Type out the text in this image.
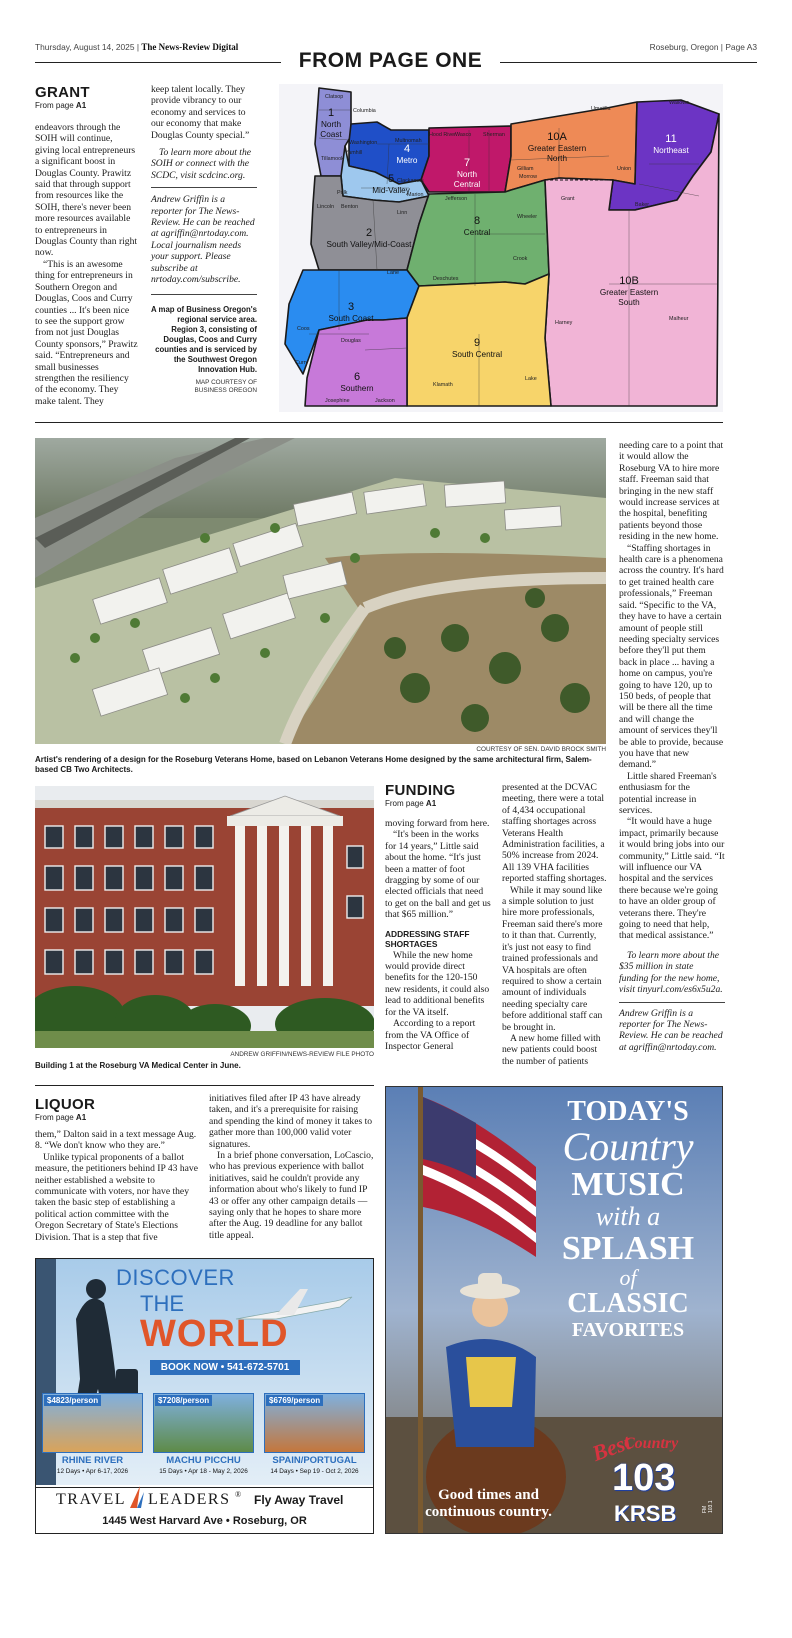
Thursday, August 14, 2025 | The News-Review Digital	Roseburg, Oregon | Page A3
FROM PAGE ONE
GRANT
From page A1

endeavors through the SOIH will continue, giving local entrepreneurs a significant boost in Douglas County. Prawitz said that through support from resources like the SOIH, there's never been more resources available to entrepreneurs in Douglas County than right now.

“This is an awesome thing for entrepreneurs in Southern Oregon and Douglas, Coos and Curry counties ... It's been nice to see the support grow from not just Douglas County sponsors,” Prawitz said. “Entrepreneurs and small businesses strengthen the resiliency of the economy. They make talent. They

keep talent locally. They provide vibrancy to our economy and services to our economy that make Douglas County special.”

To learn more about the SOIH or connect with the SCDC, visit scdcinc.org.

Andrew Griffin is a reporter for The News-Review. He can be reached at agriffin@nrtoday.com. Local journalism needs your support. Please subscribe at nrtoday.com/subscribe.

A map of Business Oregon's regional service area. Region 3, consisting of Douglas, Coos and Curry counties and is serviced by the Southwest Oregon Innovation Hub.
MAP COURTESY OF
BUSINESS OREGON
1
North
Coast
4
Metro
5
Mid-Valley
7
North
Central
10A
Greater Eastern
North
11
Northeast
2
South Valley/Mid-Coast
8
Central
10B
Greater Eastern
South
3
South Coast
9
South Central
6
Southern
Clatsop
Columbia
Tillamook
Washington	Multnomah
Yamhill
Polk	Marion
Clackamas
Lincoln Benton
Linn
Lane
Hood River Wasco Sherman
Gilliam
Morrow
Umatilla
Wallowa
Union
Baker
Grant
Wheeler
Jefferson
Crook
Deschutes
Harney
Malheur
Klamath
Lake
Coos
Douglas
Curry
Josephine	Jackson
COURTESY OF SEN. DAVID BROCK SMITH
Artist's rendering of a design for the Roseburg Veterans Home, based on Lebanon Veterans Home designed by the same architectural firm, Salem-based CB Two Architects.
ANDREW GRIFFIN/NEWS-REVIEW FILE PHOTO
Building 1 at the Roseburg VA Medical Center in June.
FUNDING
From page A1

moving forward from here.

“It's been in the works for 14 years,” Little said about the home. “It's just been a matter of foot dragging by some of our elected officials that need to get on the ball and get us that $65 million.”

ADDRESSING STAFF SHORTAGES

While the new home would provide direct benefits for the 120-150 new residents, it could also lead to additional benefits for the VA itself.

According to a report from the VA Office of Inspector General

presented at the DCVAC meeting, there were a total of 4,434 occupational staffing shortages across Veterans Health Administration facilities, a 50% increase from 2024. All 139 VHA facilities reported staffing shortages.

While it may sound like a simple solution to just hire more professionals, Freeman said there's more to it than that. Currently, it's just not easy to find trained professionals and VA hospitals are often required to show a certain amount of individuals needing specialty care before additional staff can be brought in.

A new home filled with new patients could boost the number of patients

needing care to a point that it would allow the Roseburg VA to hire more staff. Freeman said that bringing in the new staff would increase services at the hospital, benefiting patients beyond those residing in the new home.

“Staffing shortages in health care is a phenomena across the country. It's hard to get trained health care professionals,” Freeman said. “Specific to the VA, they have to have a certain amount of people still needing specialty services before they'll put them back in place ... having a home on campus, you're going to have 120, up to 150 beds, of people that will be there all the time and will change the amount of services they'll be able to provide, because you have that new demand.”

Little shared Freeman's enthusiasm for the potential increase in services.

“It would have a huge impact, primarily because it would bring jobs into our community,” Little said. “It will influence our VA hospital and the services there because we're going to have an older group of veterans there. They're going to need that help, that medical assistance.”

To learn more about the $35 million in state funding for the new home, visit tinyurl.com/es6x5u2a.

Andrew Griffin is a reporter for The News-Review. He can be reached at agriffin@nrtoday.com.

LIQUOR
From page A1

them,” Dalton said in a text message Aug. 8. “We don't know who they are.”

Unlike typical proponents of a ballot measure, the petitioners behind IP 43 have neither established a website to communicate with voters, nor have they taken the basic step of establishing a political action committee with the Oregon Secretary of State's Elections Division. That is a step that five

initiatives filed after IP 43 have already taken, and it's a prerequisite for raising and spending the kind of money it takes to gather more than 100,000 valid voter signatures.

In a brief phone conversation, LoCascio, who has previous experience with ballot initiatives, said he couldn't provide any information about who's likely to fund IP 43 or offer any other campaign details — saying only that he hopes to share more after the Aug. 19 deadline for any ballot title appeal.

DISCOVER
THE
WORLD
BOOK NOW • 541-672-5701
$4823/person
RHINE RIVER
12 Days • Apr 6-17, 2026
$7208/person
MACHU PICCHU
15 Days • Apr 18 - May 2, 2026
$6769/person
SPAIN/PORTUGAL
14 Days • Sep 19 - Oct 2, 2026
TRAVEL LEADERS ® Fly Away Travel
1445 West Harvard Ave • Roseburg, OR
TODAY'S
Country
MUSIC
with a
SPLASH
of
CLASSIC
FAVORITES
Good times and
continuous country.
Best
Country
103
KRSB	FM 103.1
